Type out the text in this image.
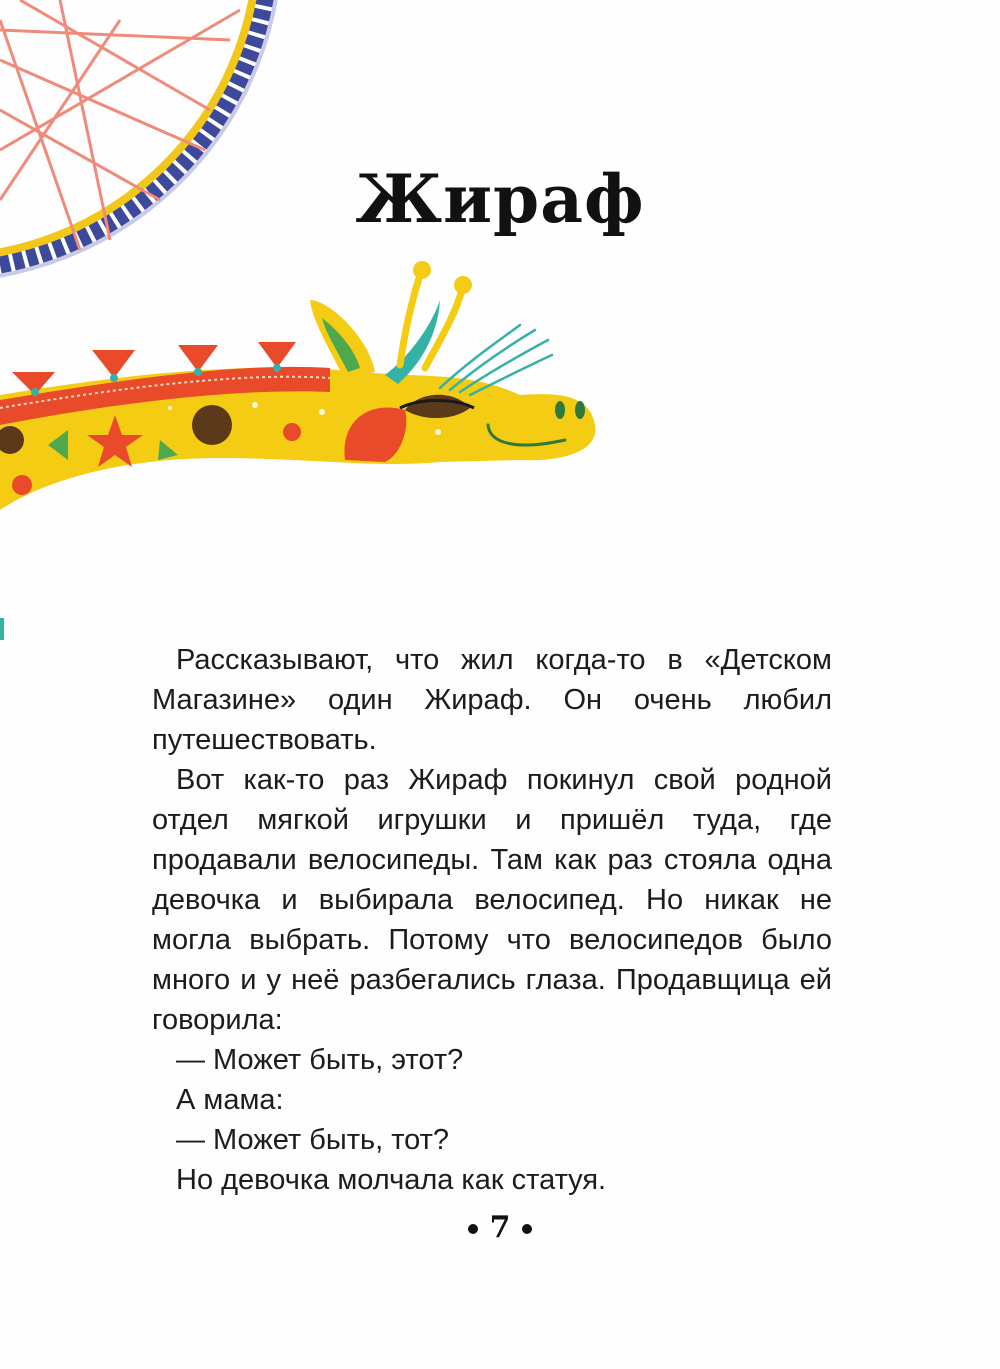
Жираф

Рассказывают, что жил когда-то в «Детском Магазине» один Жираф. Он очень любил путешествовать.

Вот как-то раз Жираф покинул свой родной отдел мягкой игрушки и пришёл туда, где продавали велосипеды. Там как раз стояла одна девочка и выбирала велосипед. Но никак не могла выбрать. Потому что велосипедов было много и у неё разбегались глаза. Продавщица ей говорила:

— Может быть, этот?

А мама:

— Может быть, тот?

Но девочка молчала как статуя.

7
